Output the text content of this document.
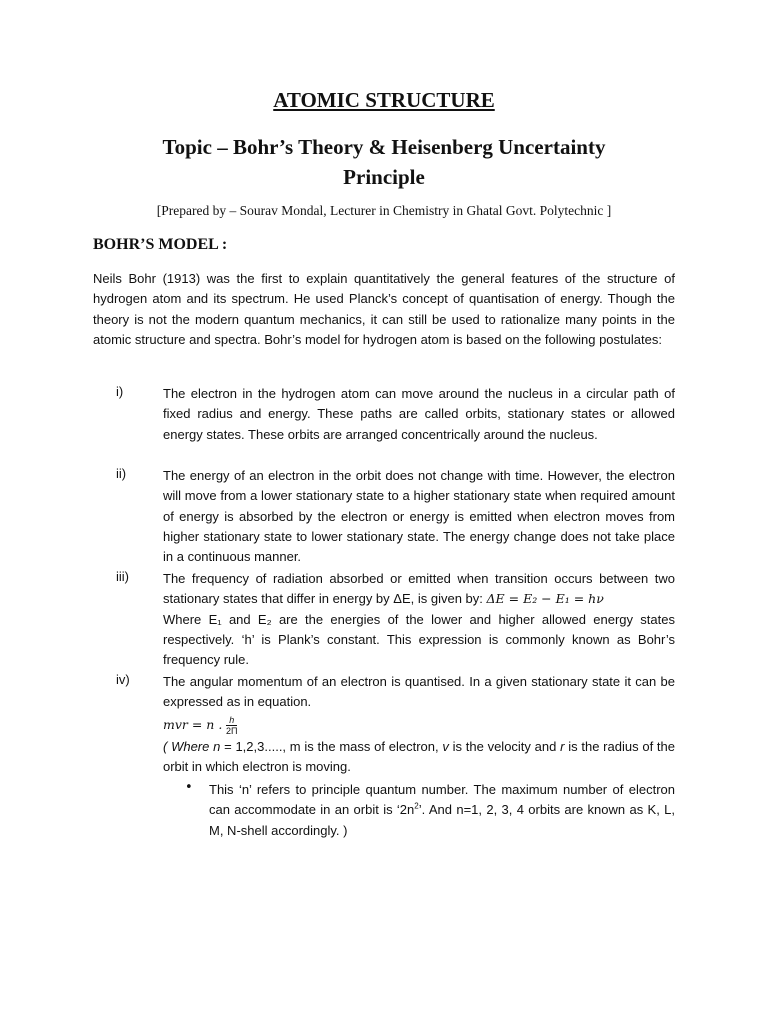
ATOMIC STRUCTURE
Topic – Bohr’s Theory & Heisenberg Uncertainty
Principle
[Prepared by – Sourav Mondal, Lecturer in Chemistry in Ghatal Govt. Polytechnic ]
BOHR’S MODEL :
Neils Bohr (1913) was the first to explain quantitatively the general features of the structure of hydrogen atom and its spectrum. He used Planck’s concept of quantisation of energy. Though the theory is not the modern quantum mechanics, it can still be used to rationalize many points in the atomic structure and spectra. Bohr’s model for hydrogen atom is based on the following postulates:
i)	The electron in the hydrogen atom can move around the nucleus in a circular path of fixed radius and energy. These paths are called orbits, stationary states or allowed energy states. These orbits are arranged concentrically around the nucleus.
ii)	The energy of an electron in the orbit does not change with time. However, the electron will move from a lower stationary state to a higher stationary state when required amount of energy is absorbed by the electron or energy is emitted when electron moves from higher stationary state to lower stationary state. The energy change does not take place in a continuous manner.
iii)	The frequency of radiation absorbed or emitted when transition occurs between two stationary states that differ in energy by ΔE, is given by: ΔE = E₂ − E₁ = hν
Where E₁ and E₂ are the energies of the lower and higher allowed energy states respectively. ‘h’ is Plank’s constant. This expression is commonly known as Bohr’s frequency rule.
iv)	The angular momentum of an electron is quantised. In a given stationary state it can be expressed as in equation.
mvr = n . $\frac{h}{2\Pi}$
( Where n = 1,2,3....., m is the mass of electron, v is the velocity and r is the radius of the orbit in which electron is moving.
• This ‘n’ refers to principle quantum number. The maximum number of electron can accommodate in an orbit is ‘$2n^2$’. And n=1, 2, 3, 4 orbits are known as K, L, M, N-shell accordingly. )
